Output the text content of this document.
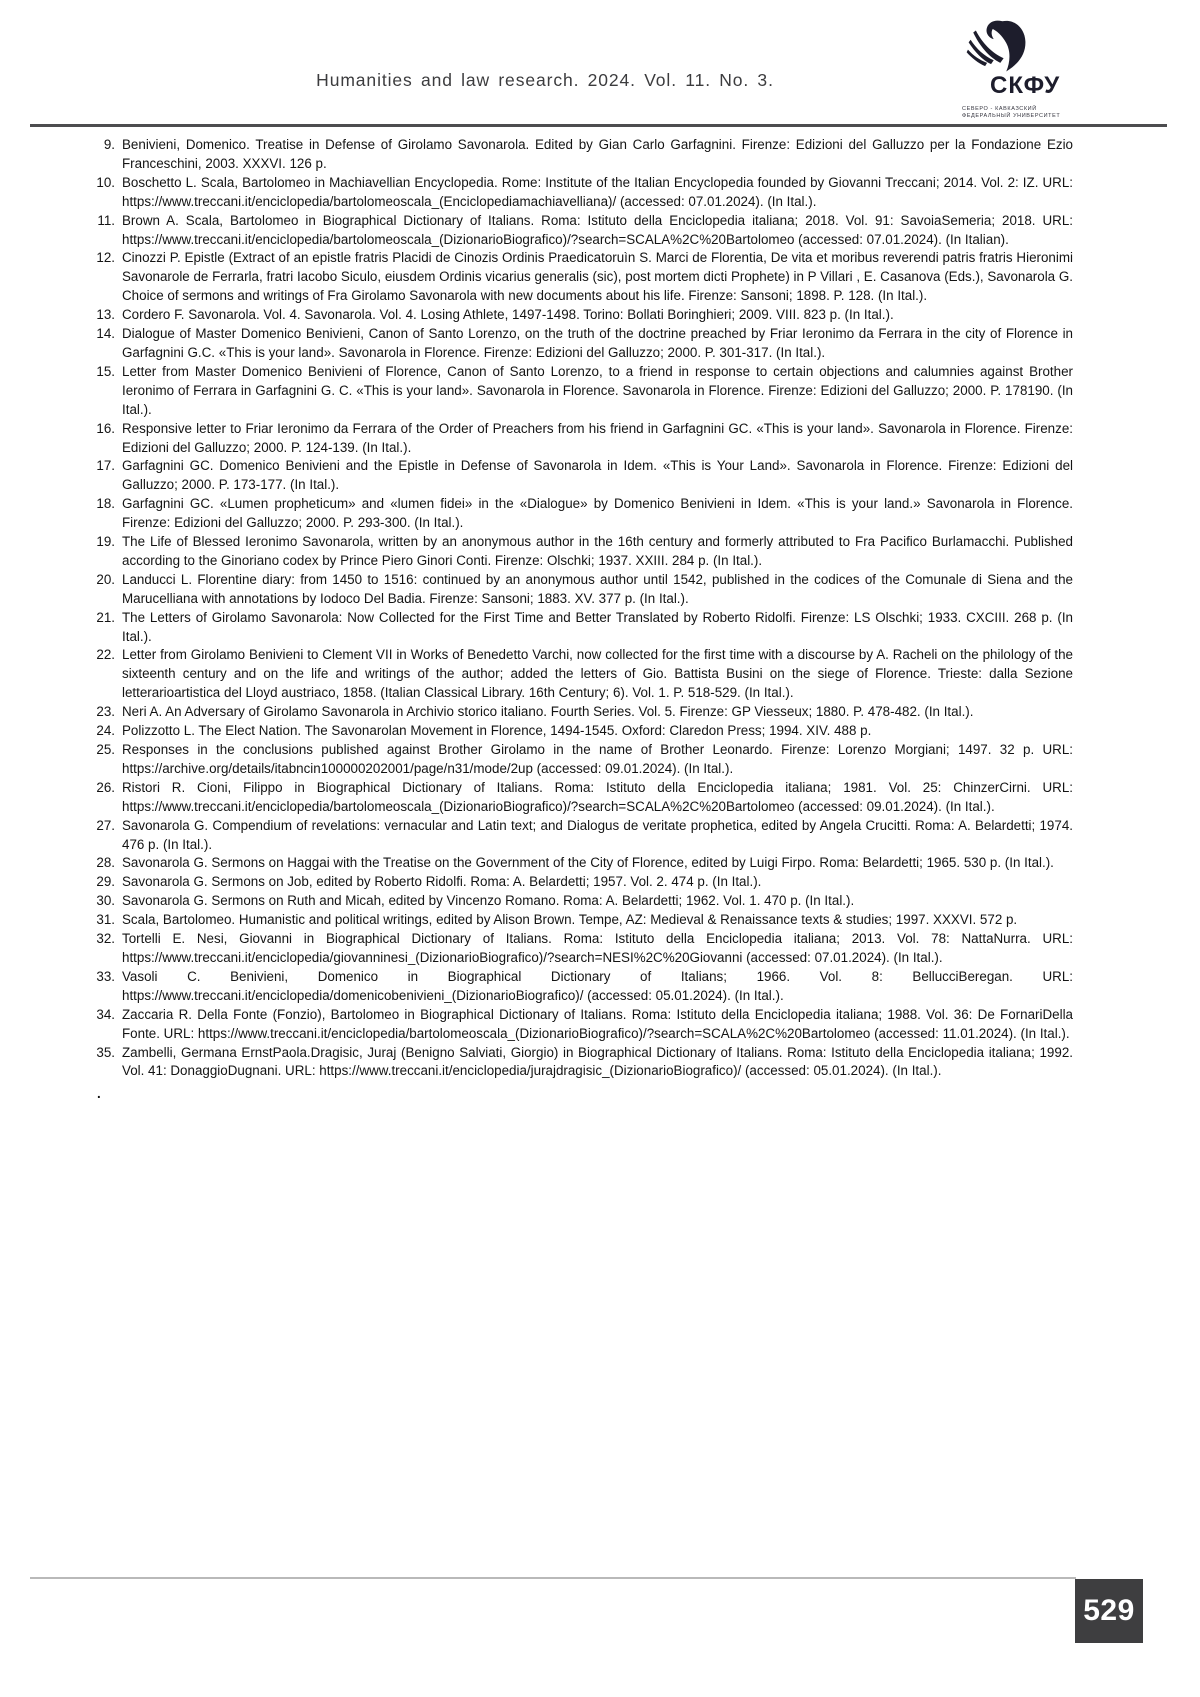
Humanities and law research. 2024. Vol. 11. No. 3.	СКФУ
СЕВЕРО - КАВКАЗСКИЙ
ФЕДЕРАЛЬНЫЙ УНИВЕРСИТЕТ
9. Benivieni, Domenico. Treatise in Defense of Girolamo Savonarola. Edited by Gian Carlo Garfagnini. Firenze: Edizioni del Galluzzo per la Fondazione Ezio Franceschini, 2003. XXXVI. 126 p.
10. Boschetto L. Scala, Bartolomeo in Machiavellian Encyclopedia. Rome: Institute of the Italian Encyclopedia founded by Giovanni Treccani; 2014. Vol. 2: IZ. URL: https://www.treccani.it/enciclopedia/bartolomeoscala_(Enciclopediamachiavelliana)/ (accessed: 07.01.2024). (In Ital.).
11. Brown A. Scala, Bartolomeo in Biographical Dictionary of Italians. Roma: Istituto della Enciclopedia italiana; 2018. Vol. 91: SavoiaSemeria; 2018. URL: https://www.treccani.it/enciclopedia/bartolomeoscala_(DizionarioBiografico)/?search=SCALA%2C%20Bartolomeo (accessed: 07.01.2024). (In Italian).
12. Cinozzi P. Epistle (Extract of an epistle fratris Placidi de Cinozis Ordinis Praedicatoruìn S. Marci de Florentia, De vita et moribus reverendi patris fratris Hieronimi Savonarole de Ferrarla, fratri Iacobo Siculo, eiusdem Ordinis vicarius generalis (sic), post mortem dicti Prophete) in P Villari , E. Casanova (Eds.), Savonarola G. Choice of sermons and writings of Fra Girolamo Savonarola with new documents about his life. Firenze: Sansoni; 1898. P. 128. (In Ital.).
13. Cordero F. Savonarola. Vol. 4. Savonarola. Vol. 4. Losing Athlete, 1497-1498. Torino: Bollati Boringhieri; 2009. VIII. 823 p. (In Ital.).
14. Dialogue of Master Domenico Benivieni, Canon of Santo Lorenzo, on the truth of the doctrine preached by Friar Ieronimo da Ferrara in the city of Florence in Garfagnini G.C. «This is your land». Savonarola in Florence. Firenze: Edizioni del Galluzzo; 2000. P. 301-317. (In Ital.).
15. Letter from Master Domenico Benivieni of Florence, Canon of Santo Lorenzo, to a friend in response to certain objections and calumnies against Brother Ieronimo of Ferrara in Garfagnini G. C. «This is your land». Savonarola in Florence. Savonarola in Florence. Firenze: Edizioni del Galluzzo; 2000. P. 178190. (In Ital.).
16. Responsive letter to Friar Ieronimo da Ferrara of the Order of Preachers from his friend in Garfagnini GC. «This is your land». Savonarola in Florence. Firenze: Edizioni del Galluzzo; 2000. P. 124-139. (In Ital.).
17. Garfagnini GC. Domenico Benivieni and the Epistle in Defense of Savonarola in Idem. «This is Your Land». Savonarola in Florence. Firenze: Edizioni del Galluzzo; 2000. P. 173-177. (In Ital.).
18. Garfagnini GC. «Lumen propheticum» and «lumen fidei» in the «Dialogue» by Domenico Benivieni in Idem. «This is your land.» Savonarola in Florence. Firenze: Edizioni del Galluzzo; 2000. P. 293-300. (In Ital.).
19. The Life of Blessed Ieronimo Savonarola, written by an anonymous author in the 16th century and formerly attributed to Fra Pacifico Burlamacchi. Published according to the Ginoriano codex by Prince Piero Ginori Conti. Firenze: Olschki; 1937. XXIII. 284 p. (In Ital.).
20. Landucci L. Florentine diary: from 1450 to 1516: continued by an anonymous author until 1542, published in the codices of the Comunale di Siena and the Marucelliana with annotations by Iodoco Del Badia. Firenze: Sansoni; 1883. XV. 377 p. (In Ital.).
21. The Letters of Girolamo Savonarola: Now Collected for the First Time and Better Translated by Roberto Ridolfi. Firenze: LS Olschki; 1933. CXCIII. 268 p. (In Ital.).
22. Letter from Girolamo Benivieni to Clement VII in Works of Benedetto Varchi, now collected for the first time with a discourse by A. Racheli on the philology of the sixteenth century and on the life and writings of the author; added the letters of Gio. Battista Busini on the siege of Florence. Trieste: dalla Sezione letterarioartistica del Lloyd austriaco, 1858. (Italian Classical Library. 16th Century; 6). Vol. 1. P. 518-529. (In Ital.).
23. Neri A. An Adversary of Girolamo Savonarola in Archivio storico italiano. Fourth Series. Vol. 5. Firenze: GP Viesseux; 1880. P. 478-482. (In Ital.).
24. Polizzotto L. The Elect Nation. The Savonarolan Movement in Florence, 1494-1545. Oxford: Claredon Press; 1994. XIV. 488 p.
25. Responses in the conclusions published against Brother Girolamo in the name of Brother Leonardo. Firenze: Lorenzo Morgiani; 1497. 32 p. URL: https://archive.org/details/itabncin100000202001/page/n31/mode/2up (accessed: 09.01.2024). (In Ital.).
26. Ristori R. Cioni, Filippo in Biographical Dictionary of Italians. Roma: Istituto della Enciclopedia italiana; 1981. Vol. 25: ChinzerCirni. URL: https://www.treccani.it/enciclopedia/bartolomeoscala_(DizionarioBiografico)/?search=SCALA%2C%20Bartolomeo (accessed: 09.01.2024). (In Ital.).
27. Savonarola G. Compendium of revelations: vernacular and Latin text; and Dialogus de veritate prophetica, edited by Angela Crucitti. Roma: A. Belardetti; 1974. 476 p. (In Ital.).
28. Savonarola G. Sermons on Haggai with the Treatise on the Government of the City of Florence, edited by Luigi Firpo. Roma: Belardetti; 1965. 530 p. (In Ital.).
29. Savonarola G. Sermons on Job, edited by Roberto Ridolfi. Roma: A. Belardetti; 1957. Vol. 2. 474 p. (In Ital.).
30. Savonarola G. Sermons on Ruth and Micah, edited by Vincenzo Romano. Roma: A. Belardetti; 1962. Vol. 1. 470 p. (In Ital.).
31. Scala, Bartolomeo. Humanistic and political writings, edited by Alison Brown. Tempe, AZ: Medieval & Renaissance texts & studies; 1997. XXXVI. 572 p.
32. Tortelli E. Nesi, Giovanni in Biographical Dictionary of Italians. Roma: Istituto della Enciclopedia italiana; 2013. Vol. 78: NattaNurra. URL: https://www.treccani.it/enciclopedia/giovanninesi_(DizionarioBiografico)/?search=NESI%2C%20Giovanni (accessed: 07.01.2024). (In Ital.).
33. Vasoli C. Benivieni, Domenico in Biographical Dictionary of Italians; 1966. Vol. 8: BellucciBeregan. URL: https://www.treccani.it/enciclopedia/domenicobenivieni_(DizionarioBiografico)/ (accessed: 05.01.2024). (In Ital.).
34. Zaccaria R. Della Fonte (Fonzio), Bartolomeo in Biographical Dictionary of Italians. Roma: Istituto della Enciclopedia italiana; 1988. Vol. 36: De FornariDella Fonte. URL: https://www.treccani.it/enciclopedia/bartolomeoscala_(DizionarioBiografico)/?search=SCALA%2C%20Bartolomeo (accessed: 11.01.2024). (In Ital.).
35. Zambelli, Germana ErnstPaola.Dragisic, Juraj (Benigno Salviati, Giorgio) in Biographical Dictionary of Italians. Roma: Istituto della Enciclopedia italiana; 1992. Vol. 41: DonaggioDugnani. URL: https://www.treccani.it/enciclopedia/jurajdragisic_(DizionarioBiografico)/ (accessed: 05.01.2024). (In Ital.).
.
529
